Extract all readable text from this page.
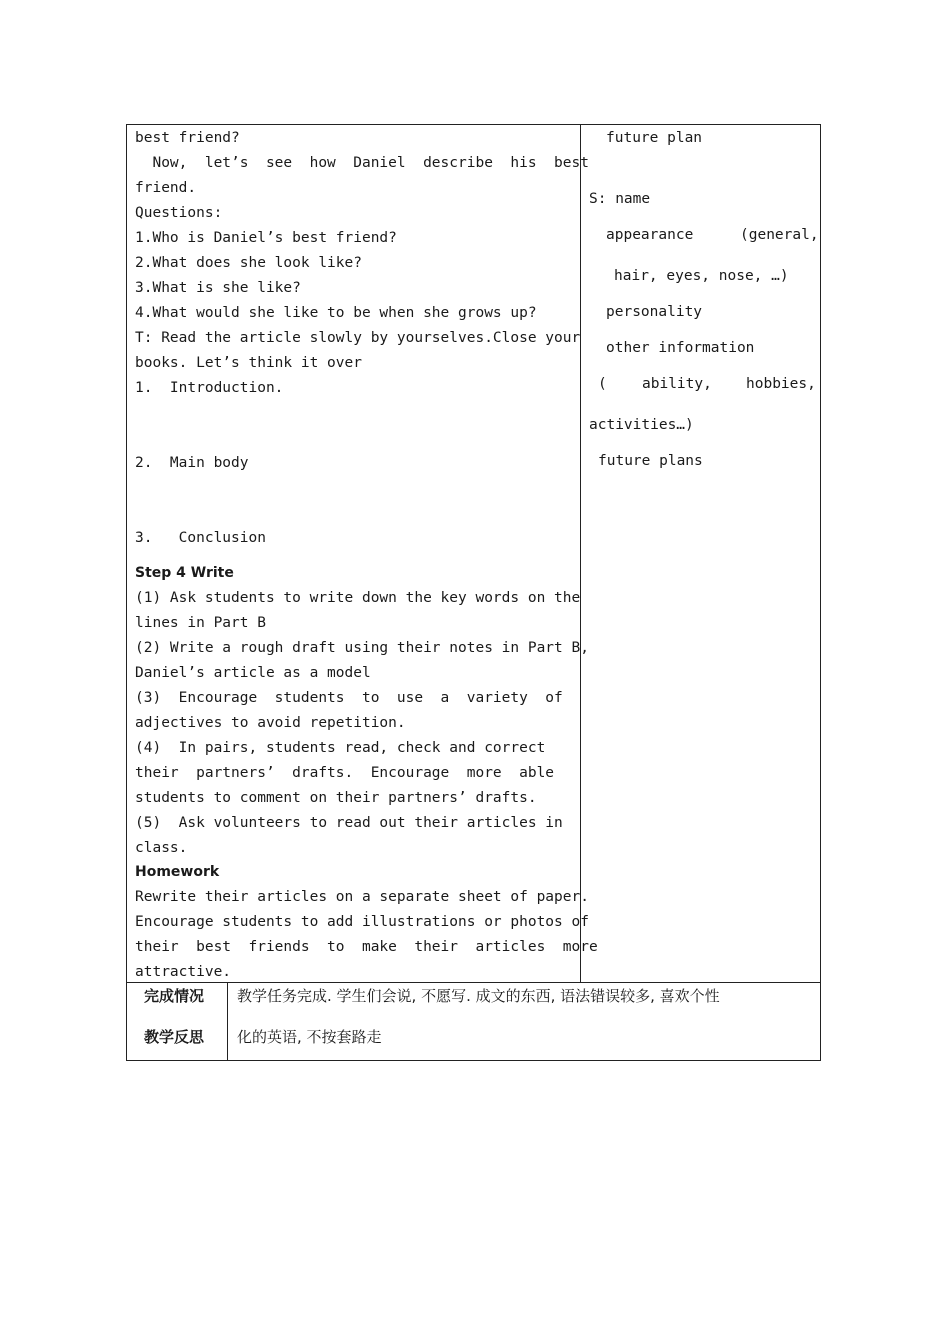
best friend?
Now,  let’s  see  how  Daniel  describe  his  best
friend.
Questions:
1.Who is Daniel’s best friend?
2.What does she look like?
3.What is she like?
4.What would she like to be when she grows up?
T: Read the article slowly by yourselves.Close your
books. Let’s think it over
1.  Introduction.
2.  Main body
3.   Conclusion
Step 4 Write
(1) Ask students to write down the key words on the
lines in Part B
(2) Write a rough draft using their notes in Part B,
Daniel’s article as a model
(3)  Encourage  students  to  use  a  variety  of
adjectives to avoid repetition.
(4)  In pairs, students read, check and correct
their  partners’  drafts.  Encourage  more  able
students to comment on their partners’ drafts.
(5)  Ask volunteers to read out their articles in
class.
Homework
Rewrite their articles on a separate sheet of paper.
Encourage students to add illustrations or photos of
their  best  friends  to  make  their  articles  more
attractive.
future plan
S: name
appearance	(general,
hair, eyes, nose, …)
personality
other information
( ability, hobbies,
activities…)
future plans
完成情况
教学反思
教学任务完成. 学生们会说, 不愿写. 成文的东西, 语法错误较多, 喜欢个性
化的英语, 不按套路走
